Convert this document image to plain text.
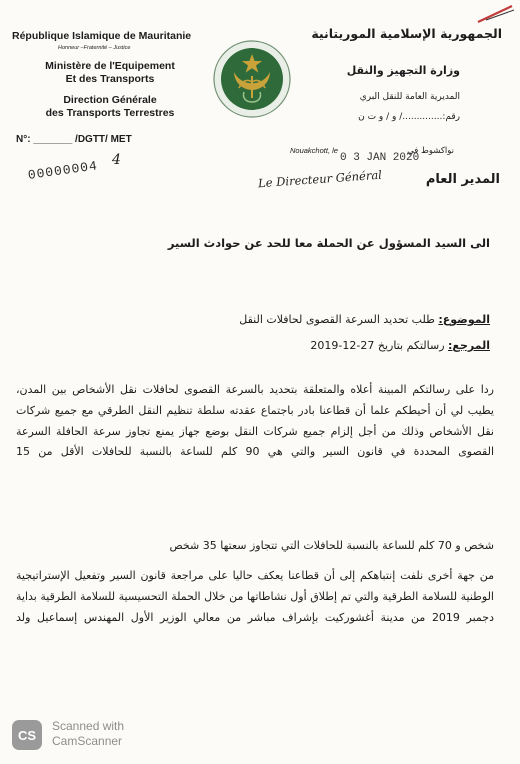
République Islamique de Mauritanie
Honneur –Fraternité – Justice
Ministère de l'Equipement
Et des Transports
Direction Générale
des Transports Terrestres
N°: _______ /DGTT/ MET
00000004 4
الجمهورية الإسلامية الموريتانية
وزارة التجهيز والنقل
المديرية العامة للنقل البري
رقم:............../ و / و ت ن
نواكشوط في
المدير العام
Nouakchott, le
0 3 JAN 2020
Le Directeur Général
الى السيد المسؤول عن الحملة معا للحد عن حوادث السير
الموضوع: طلب تحديد السرعة القصوى لحافلات النقل
المرجع: رسالتكم بتاريخ 27-12-2019
ردا على رسالتكم المبينة أعلاه والمتعلقة بتحديد بالسرعة القصوى لحافلات نقل الأشخاص بين المدن، يطيب لي أن أحيطكم علما أن قطاعنا بادر باجتماع عقدته سلطة تنظيم النقل الطرقي مع جميع شركات نقل الأشخاص وذلك من أجل إلزام جميع شركات النقل بوضع جهاز يمنع تجاوز سرعة الحافلة السرعة القصوى المحددة في قانون السير والتي هي 90 كلم للساعة بالنسبة للحافلات الأقل من 15
شخص و 70 كلم للساعة بالنسبة للحافلات التي تتجاوز سعتها 35 شخص
من جهة أخرى نلفت إنتباهكم إلى أن قطاعنا يعكف حاليا على مراجعة قانون السير وتفعيل الإستراتيجية الوطنية للسلامة الطرقية والتي تم إطلاق أول نشاطاتها من خلال الحملة التحسيسية للسلامة الطرقية بداية دجمبر 2019 من مدينة أغشوركيت بإشراف مباشر من معالي الوزير الأول المهندس إسماعيل ولد
CS
Scanned with
CamScanner
